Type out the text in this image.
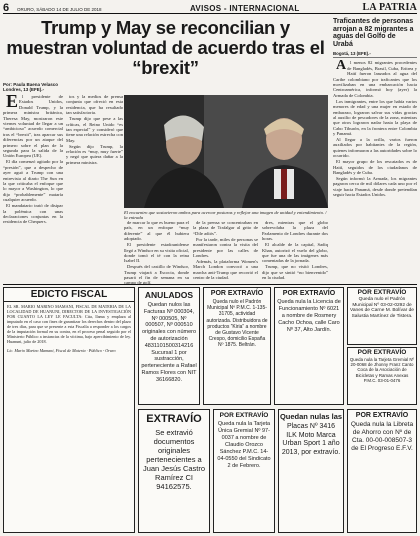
6	ORURO, SÁBADO 14 DE JULIO DE 2018	AVISOS - INTERNACIONAL	LA PATRIA
Trump y May se reconcilian y muestran voluntad de acuerdo tras el “brexit”
Por: Paula Baena Velasco
Londres, 13 (EFE).-

El presidente de Estados Unidos, Donald Trump, y la primera ministra británica, Theresa May, mostraron este viernes voluntad de llegar a un “ambicioso” acuerdo comercial tras el “brexit”, tras aparcar sus diferencias por un ataque del primero sobre el plan de la segunda para la salida de la Unión Europea (UE).

El día comenzó agitado por la “presión”, que a despecho de ayer aguó a Trump con una entrevista al diario The Sun en la que criticaba el enfoque que lo mayor a Washington, lo que dijo “probablemente” mataría cualquier acuerdo.

El mandatario trató de disipar la polémica con unas declaraciones conjuntas en la residencia de Chequers.

tos y la medios de prensa conjunta que ofreció en esta residencia, que ha resultado tan satisfactoria.

Trump dijo que pese a las críticas, el Reino Unido “es tan especial” y consideró que tiene una relación estrecha con May.

Según dijo Trump, la relación es “muy, muy fuerte” y negó que quiera dañar a la primera ministra.

de marcar lo que es bueno para el país, en un enfoque “muy diferente” al que él hubiera adoptado.

El presidente estadounidense llegó a Windsor en su visita oficial, donde tomó el té con la reina Isabel II.

Después del castillo de Windsor, Trump viajará a Escocia, donde pasará el fin de semana en su campo de golf.

de la prensa se concentraban en la plaza de Trafalgar al grito de “Dile adiós”.

Por la tarde, miles de personas se manifestaron contra la visita del presidente por las calles de Londres.

Además, la plataforma Women's March London convocó a una marcha anti-Trump que recorrió el centro de la ciudad.

dres, mientras que el globo sobrevolaba la plaza del Parlamento de Londres durante dos horas.

El alcalde de la capital, Sadiq Khan, autorizó el vuelo del globo, que fue una de las imágenes más comentadas de la jornada.

Trump, que no visitó Londres, dijo que se sintió “no bienvenido” en la ciudad.

El encuentro que sostuvieron ambos para acercar posturas y reflejar una imagen de unidad y entendimiento. / la entrada
Traficantes de personas arrojan a 82 migrantes a aguas del Golfo de Urabá
Bogotá, 13 (EFE).-

Al menos 82 migrantes procedentes de Bangladés, Brasil, Cuba, Eritrea y Haití fueron lanzados al agua del Caribe colombiano por traficantes que los movilizaban en una embarcación hacia Centroamérica, informó hoy (ayer) la Armada de Colombia.

Los inmigrantes, entre los que había varios menores de edad y una mujer en estado de embarazo, lograron salvar sus vidas gracias al auxilio de pescadores de la zona, mientras que otros lograron nadar hasta la playa de Cabo Tiburón, en la frontera entre Colombia y Panamá.

Al llegar a la orilla, varios fueron auxiliados por habitantes de la región, quienes informaron a las autoridades sobre lo ocurrido.

El mayor grupo de los rescatados es de Haití, seguidos de los ciudadanos de Bangladés y de Cuba.

Según informó la Armada, los migrantes pagaron cerca de mil dólares cada uno por el viaje hacia Panamá, desde donde pretendían seguir hacia Estados Unidos.

EDICTO FISCAL
EL SR. MARIO MARINO MAMANI, FISCAL DE MATERIA DE LA LOCALIDAD DE HUANUNI, DIRECTOR DE LA INVESTIGACIÓN POR CUANTO LA LEY LE FACULTA: Cita, llama y emplaza al imputado en el caso con fines de garantizar los derechos dentro del plazo de tres días, para que se presente a esta Fiscalía a responder a los cargos de la imputación formal en su contra, en el proceso penal seguido por el Ministerio Público a instancias de la víctima, bajo apercibimiento de ley. Huanuni, julio de 2018.
Lic. Mario Marino Mamani, Fiscal de Materia · Público - Oruro
ANULADOS
Quedan nulos las Facturas Nº 000304, Nº 000505, Nº 000507, Nº 000510 originales con número de autorización 4831101500314216 Sucursal 1 por sustracción, perteneciente a Rafael Ramos Flores con NIT 36166820.
POR EXTRAVÍO
Queda nulo el Padrón Municipal Nº P.M.C. 1-135-31705, actividad autorizada. Distribuidora de productos “Kiria” a nombre de Gustavo Vicente Crespo, domicilio España Nº 1875. Beltrán.
POR EXTRAVÍO
Queda nula la Licencia de Funcionamiento Nº 6021 a nombre de Rosmery Cacho Ochoa, calle Caro Nº 37, Alto Jardín.
POR EXTRAVÍO
Queda nulo el Padrón Municipal Nº 03-02-0292 de Vanes de Carne M. Bolívar de Salustia Martínez de Tistera.
POR EXTRAVÍO
Queda nula la Tarjeta Gremial Nº 20-0068 de Jhonny Franz Canto Coca de la Asociación de Bicicletas y Ramas Anexas P.M.C. 03-01-0476
EXTRAVÍO
Se extravió documentos originales pertenecientes a Juan Jesús Castro Ramírez CI 94162575.
POR EXTRAVÍO
Queda nula la Tarjeta Única Gremial Nº 97-0037 a nombre de Claudio Orozco Sánchez P.M.C. 14-04-0550 del Sindicato 2 de Febrero.
Quedan nulas las
Placas Nº 3416 ILK Moto Marca Urban Sport 1 año 2013, por extravío.
POR EXTRAVÍO
Queda nula la Libreta de Ahorro con Nº de Cta. 00-00-008507-3 de El Progreso E.F.V.
